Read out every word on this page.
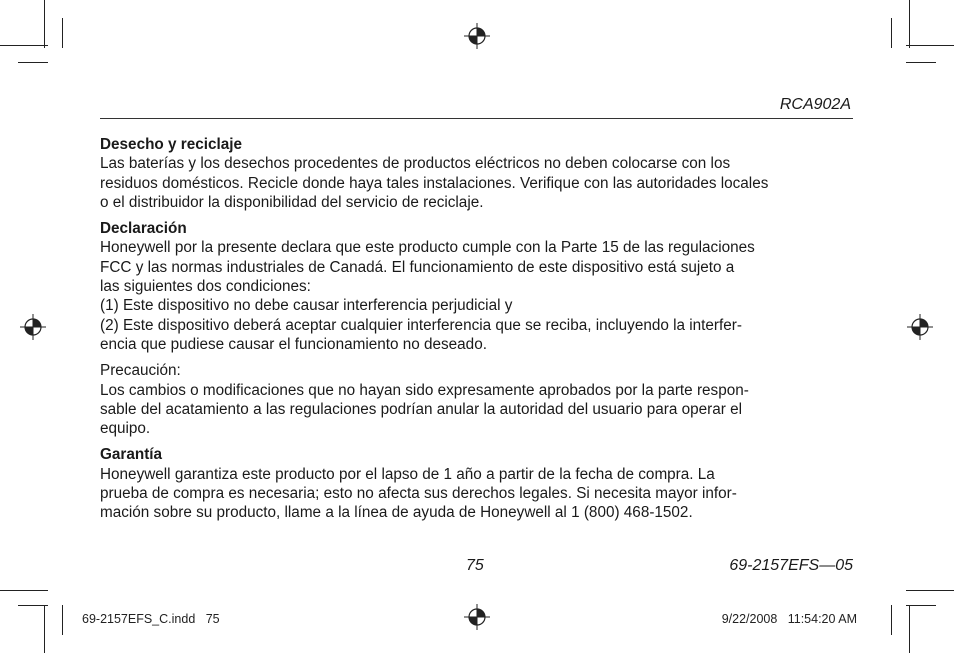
RCA902A
Desecho y reciclaje

Las baterías y los desechos procedentes de productos eléctricos no deben colocarse con los

residuos domésticos. Recicle donde haya tales instalaciones. Verifique con las autoridades locales

o el distribuidor la disponibilidad del servicio de reciclaje.

Declaración

Honeywell por la presente declara que este producto cumple con la Parte 15 de las regulaciones

FCC y las normas industriales de Canadá. El funcionamiento de este dispositivo está sujeto a

las siguientes dos condiciones:

(1) Este dispositivo no debe causar interferencia perjudicial y

(2) Este dispositivo deberá aceptar cualquier interferencia que se reciba, incluyendo la interfer-

encia que pudiese causar el funcionamiento no deseado.

Precaución:

Los cambios o modificaciones que no hayan sido expresamente aprobados por la parte respon-

sable del acatamiento a las regulaciones podrían anular la autoridad del usuario para operar el

equipo.

Garantía

Honeywell garantiza este producto por el lapso de 1 año a partir de la fecha de compra. La

prueba de compra es necesaria; esto no afecta sus derechos legales. Si necesita mayor infor-

mación sobre su producto, llame a la línea de ayuda de Honeywell al 1 (800) 468-1502.

75	69-2157EFS—05
69-2157EFS_C.indd   75	9/22/2008   11:54:20 AM
